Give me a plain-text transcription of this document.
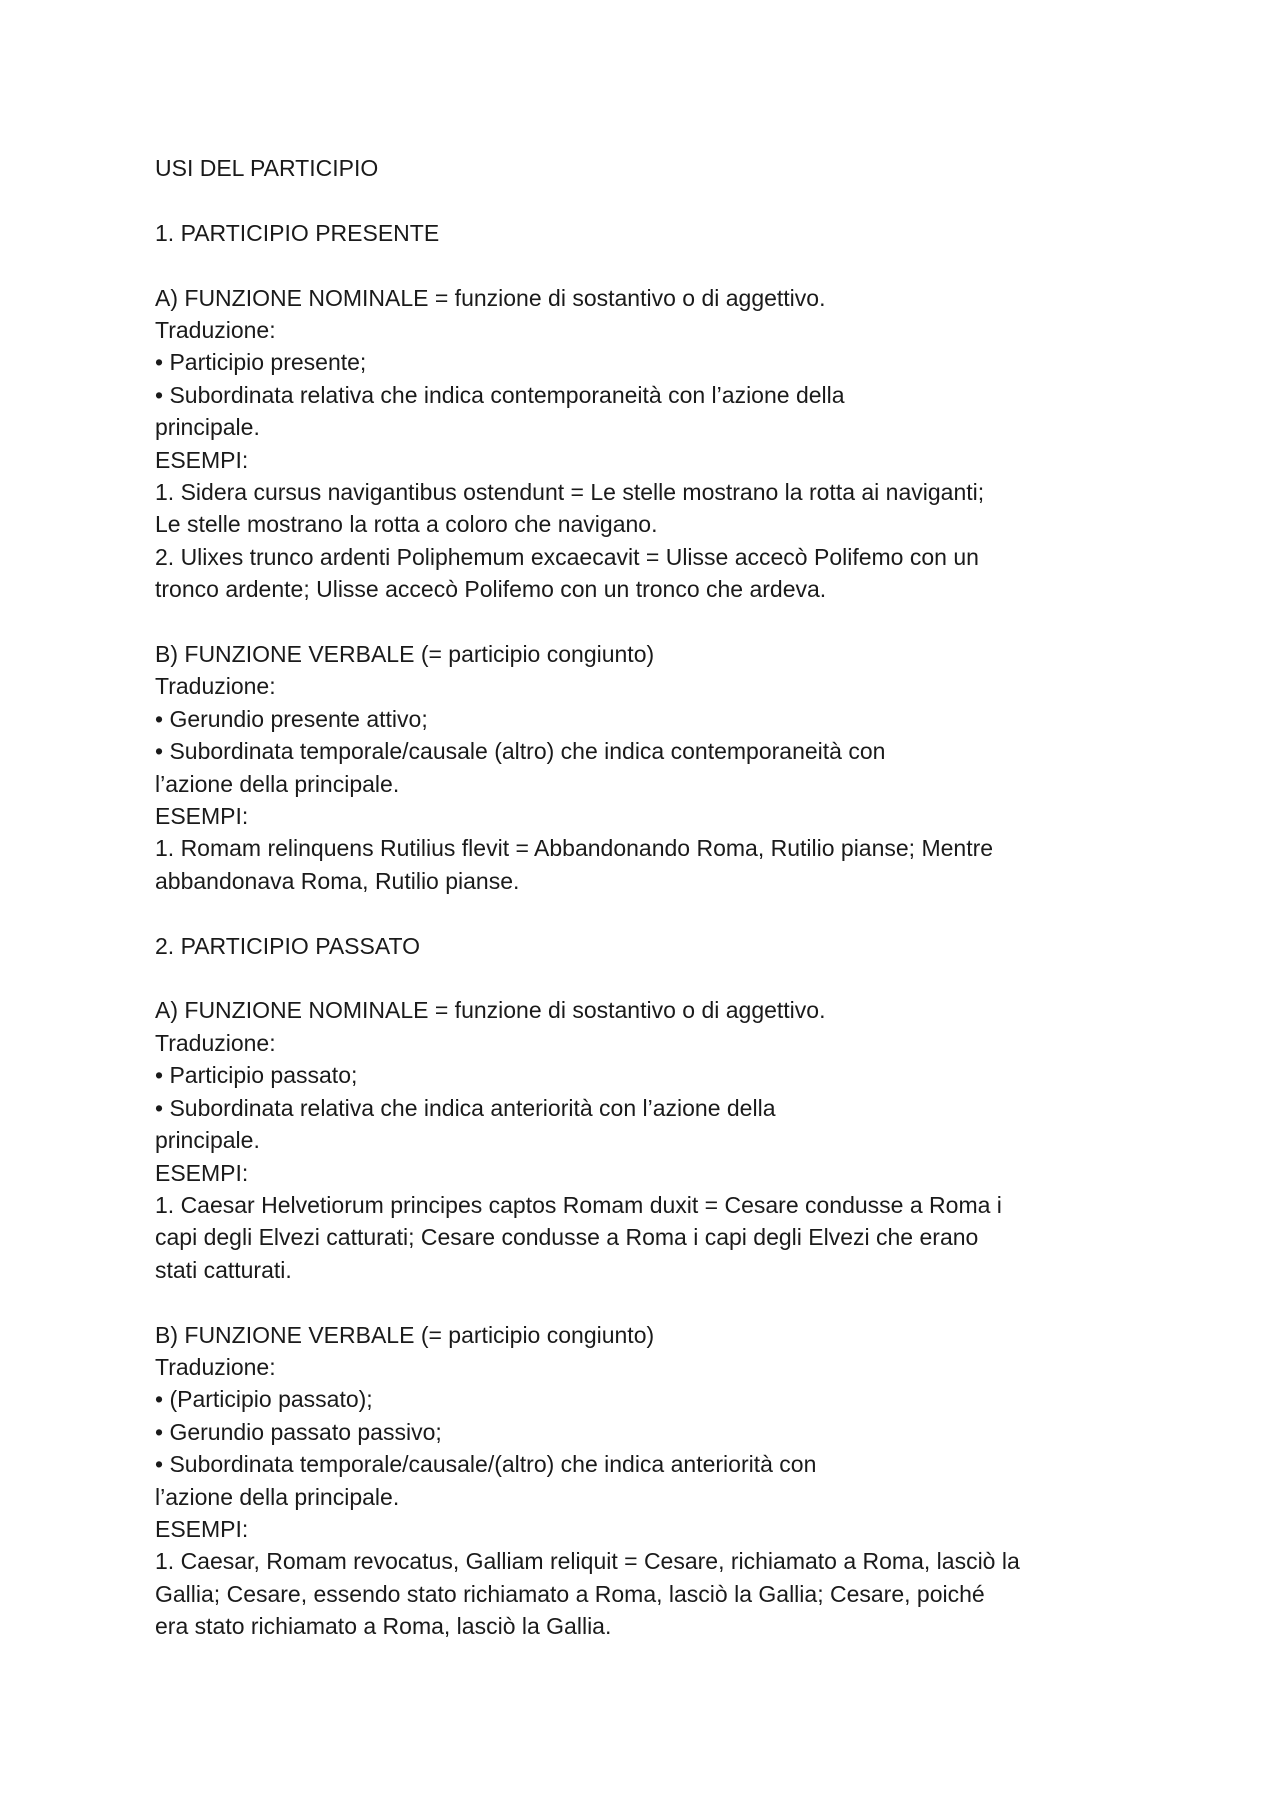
USI DEL PARTICIPIO

1. PARTICIPIO PRESENTE

A) FUNZIONE NOMINALE = funzione di sostantivo o di aggettivo.

Traduzione:

• Participio presente;

• Subordinata relativa che indica contemporaneità con l’azione della

principale.

ESEMPI:

1. Sidera cursus navigantibus ostendunt = Le stelle mostrano la rotta ai naviganti;

Le stelle mostrano la rotta a coloro che navigano.

2. Ulixes trunco ardenti Poliphemum excaecavit = Ulisse accecò Polifemo con un

tronco ardente; Ulisse accecò Polifemo con un tronco che ardeva.

B) FUNZIONE VERBALE (= participio congiunto)

Traduzione:

• Gerundio presente attivo;

• Subordinata temporale/causale (altro) che indica contemporaneità con

l’azione della principale.

ESEMPI:

1. Romam relinquens Rutilius flevit = Abbandonando Roma, Rutilio pianse; Mentre

abbandonava Roma, Rutilio pianse.

2. PARTICIPIO PASSATO

A) FUNZIONE NOMINALE = funzione di sostantivo o di aggettivo.

Traduzione:

• Participio passato;

• Subordinata relativa che indica anteriorità con l’azione della

principale.

ESEMPI:

1. Caesar Helvetiorum principes captos Romam duxit = Cesare condusse a Roma i

capi degli Elvezi catturati; Cesare condusse a Roma i capi degli Elvezi che erano

stati catturati.

B) FUNZIONE VERBALE (= participio congiunto)

Traduzione:

• (Participio passato);

• Gerundio passato passivo;

• Subordinata temporale/causale/(altro) che indica anteriorità con

l’azione della principale.

ESEMPI:

1. Caesar, Romam revocatus, Galliam reliquit = Cesare, richiamato a Roma, lasciò la

Gallia; Cesare, essendo stato richiamato a Roma, lasciò la Gallia; Cesare, poiché

era stato richiamato a Roma, lasciò la Gallia.
